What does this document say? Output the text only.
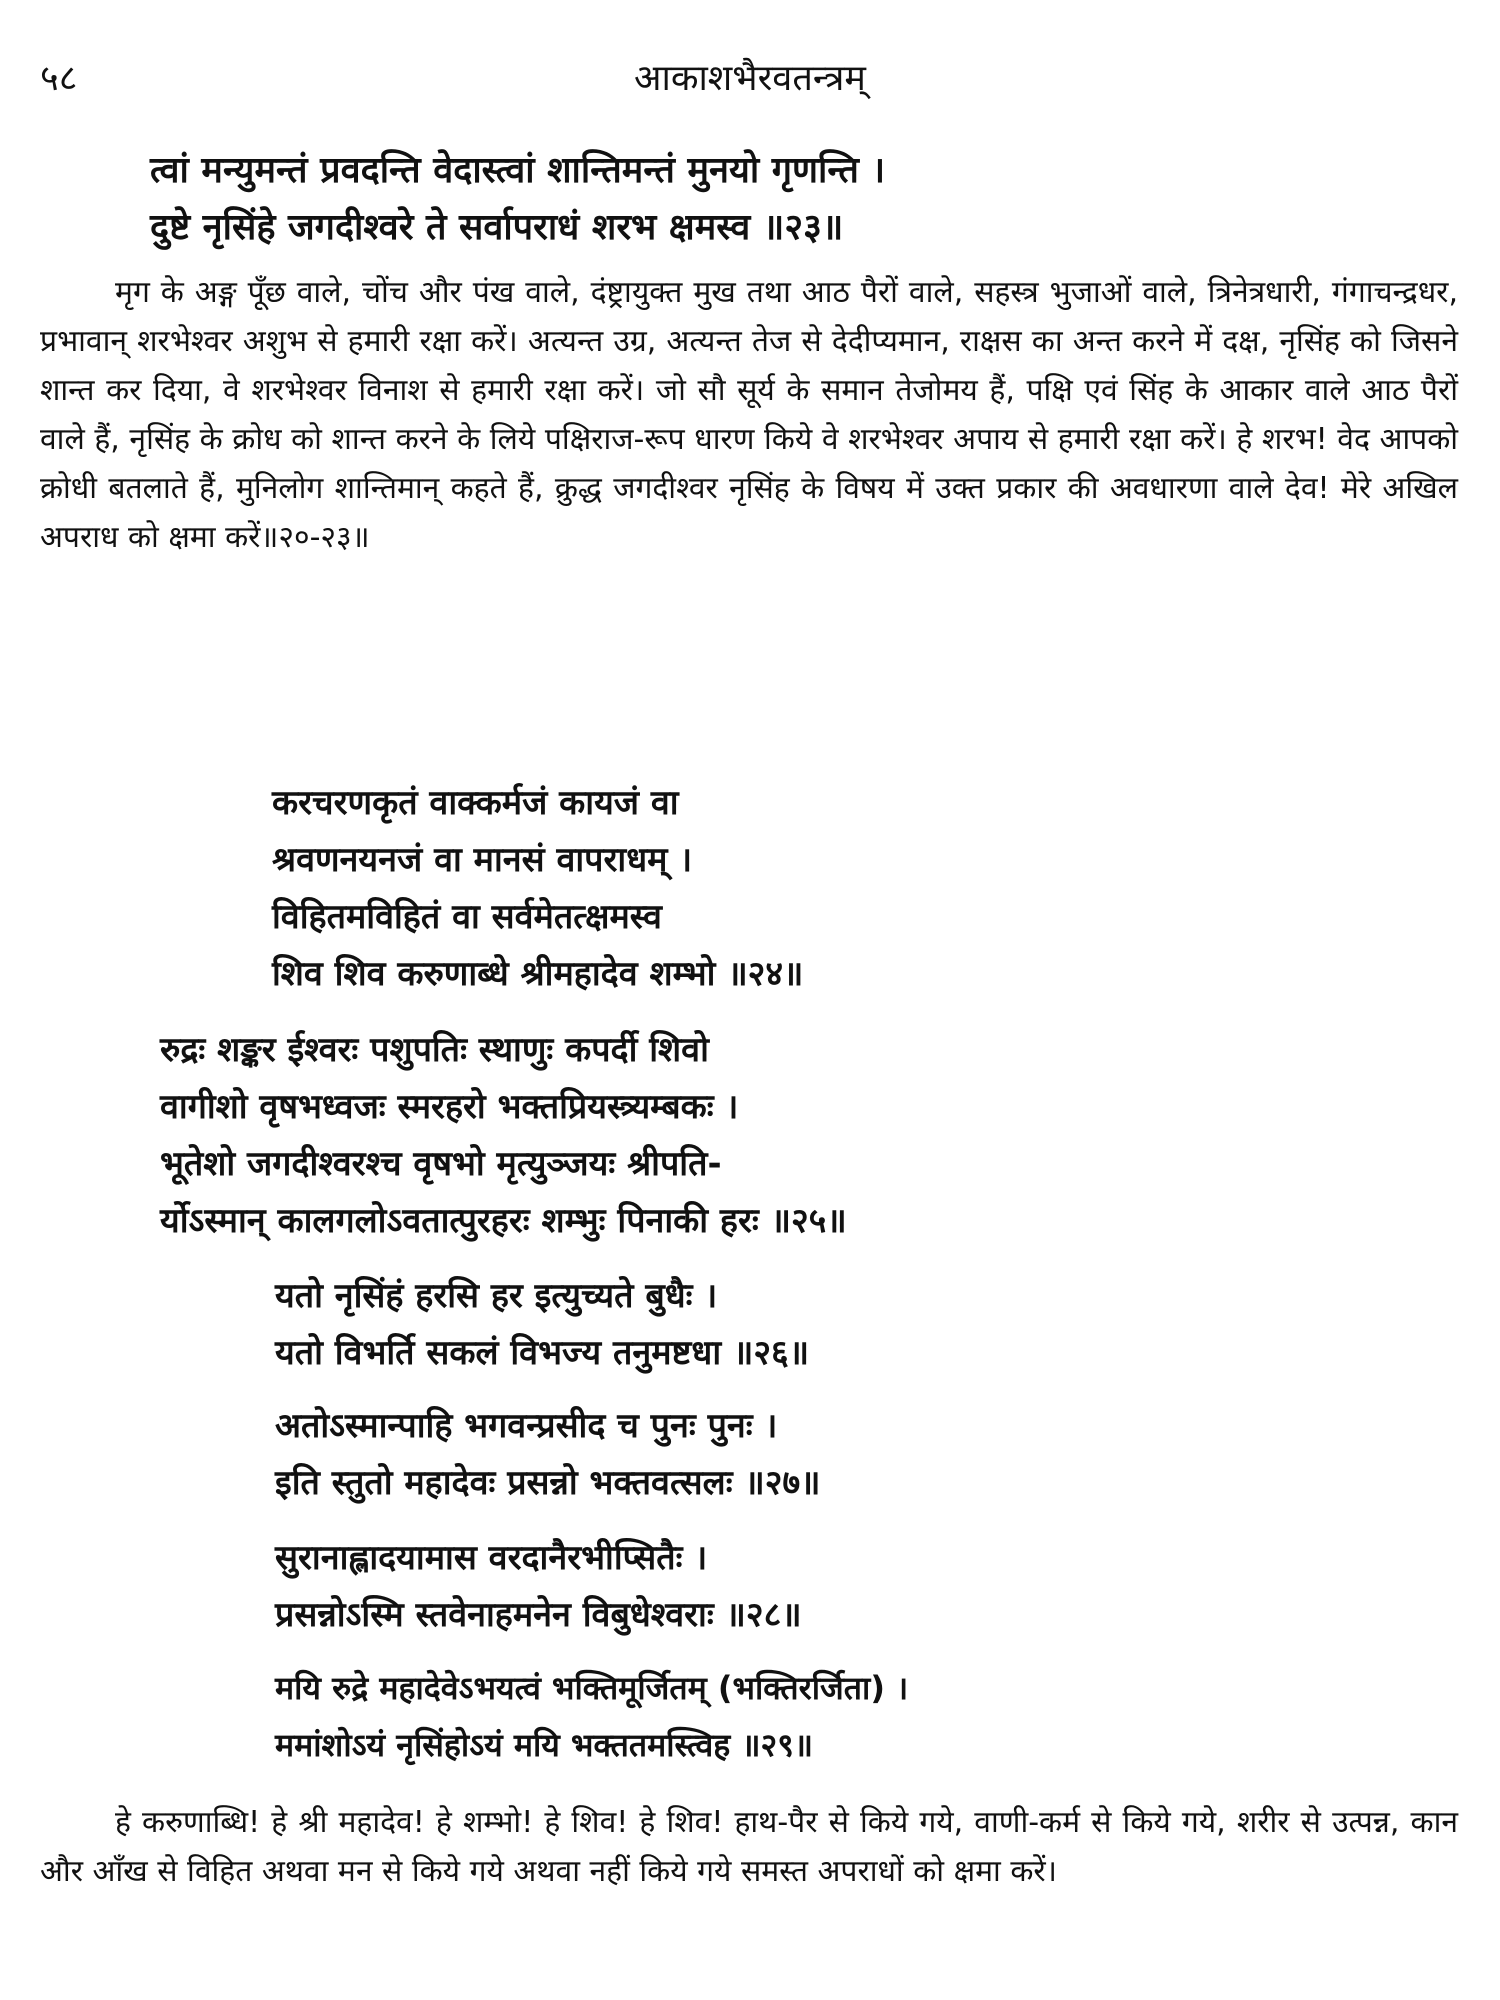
५८	आकाशभैरवतन्त्रम्
त्वां मन्युमन्तं प्रवदन्ति वेदास्त्वां शान्तिमन्तं मुनयो गृणन्ति ।
दुष्टे नृसिंहे जगदीश्वरे ते सर्वापराधं शरभ क्षमस्व ॥२३॥

मृग के अङ्ग पूँछ वाले, चोंच और पंख वाले, दंष्ट्रायुक्त मुख तथा आठ पैरों वाले, सहस्त्र भुजाओं वाले, त्रिनेत्रधारी, गंगाचन्द्रधर, प्रभावान् शरभेश्वर अशुभ से हमारी रक्षा करें। अत्यन्त उग्र, अत्यन्त तेज से देदीप्यमान, राक्षस का अन्त करने में दक्ष, नृसिंह को जिसने शान्त कर दिया, वे शरभेश्वर विनाश से हमारी रक्षा करें। जो सौ सूर्य के समान तेजोमय हैं, पक्षि एवं सिंह के आकार वाले आठ पैरों वाले हैं, नृसिंह के क्रोध को शान्त करने के लिये पक्षिराज-रूप धारण किये वे शरभेश्वर अपाय से हमारी रक्षा करें। हे शरभ! वेद आपको क्रोधी बतलाते हैं, मुनिलोग शान्तिमान् कहते हैं, क्रुद्ध जगदीश्वर नृसिंह के विषय में उक्त प्रकार की अवधारणा वाले देव! मेरे अखिल अपराध को क्षमा करें॥२०-२३॥

करचरणकृतं वाक्कर्मजं कायजं वा
श्रवणनयनजं वा मानसं वापराधम् ।
विहितमविहितं वा सर्वमेतत्क्षमस्व
शिव शिव करुणाब्धे श्रीमहादेव शम्भो ॥२४॥
रुद्रः शङ्कर ईश्वरः पशुपतिः स्थाणुः कपर्दी शिवो
वागीशो वृषभध्वजः स्मरहरो भक्तप्रियस्त्र्यम्बकः ।
भूतेशो जगदीश्वरश्च वृषभो मृत्युञ्जयः श्रीपति-
र्योऽस्मान् कालगलोऽवतात्पुरहरः शम्भुः पिनाकी हरः ॥२५॥
यतो नृसिंहं हरसि हर इत्युच्यते बुधैः ।
यतो विभर्ति सकलं विभज्य तनुमष्टधा ॥२६॥
अतोऽस्मान्पाहि भगवन्प्रसीद च पुनः पुनः ।
इति स्तुतो महादेवः प्रसन्नो भक्तवत्सलः ॥२७॥
सुरानाह्लादयामास वरदानैरभीप्सितैः ।
प्रसन्नोऽस्मि स्तवेनाहमनेन विबुधेश्वराः ॥२८॥
मयि रुद्रे महादेवेऽभयत्वं भक्तिमूर्जितम् (भक्तिरर्जिता) ।
ममांशोऽयं नृसिंहोऽयं मयि भक्ततमस्त्विह ॥२९॥

हे करुणाब्धि! हे श्री महादेव! हे शम्भो! हे शिव! हे शिव! हाथ-पैर से किये गये, वाणी-कर्म से किये गये, शरीर से उत्पन्न, कान और आँख से विहित अथवा मन से किये गये अथवा नहीं किये गये समस्त अपराधों को क्षमा करें।
